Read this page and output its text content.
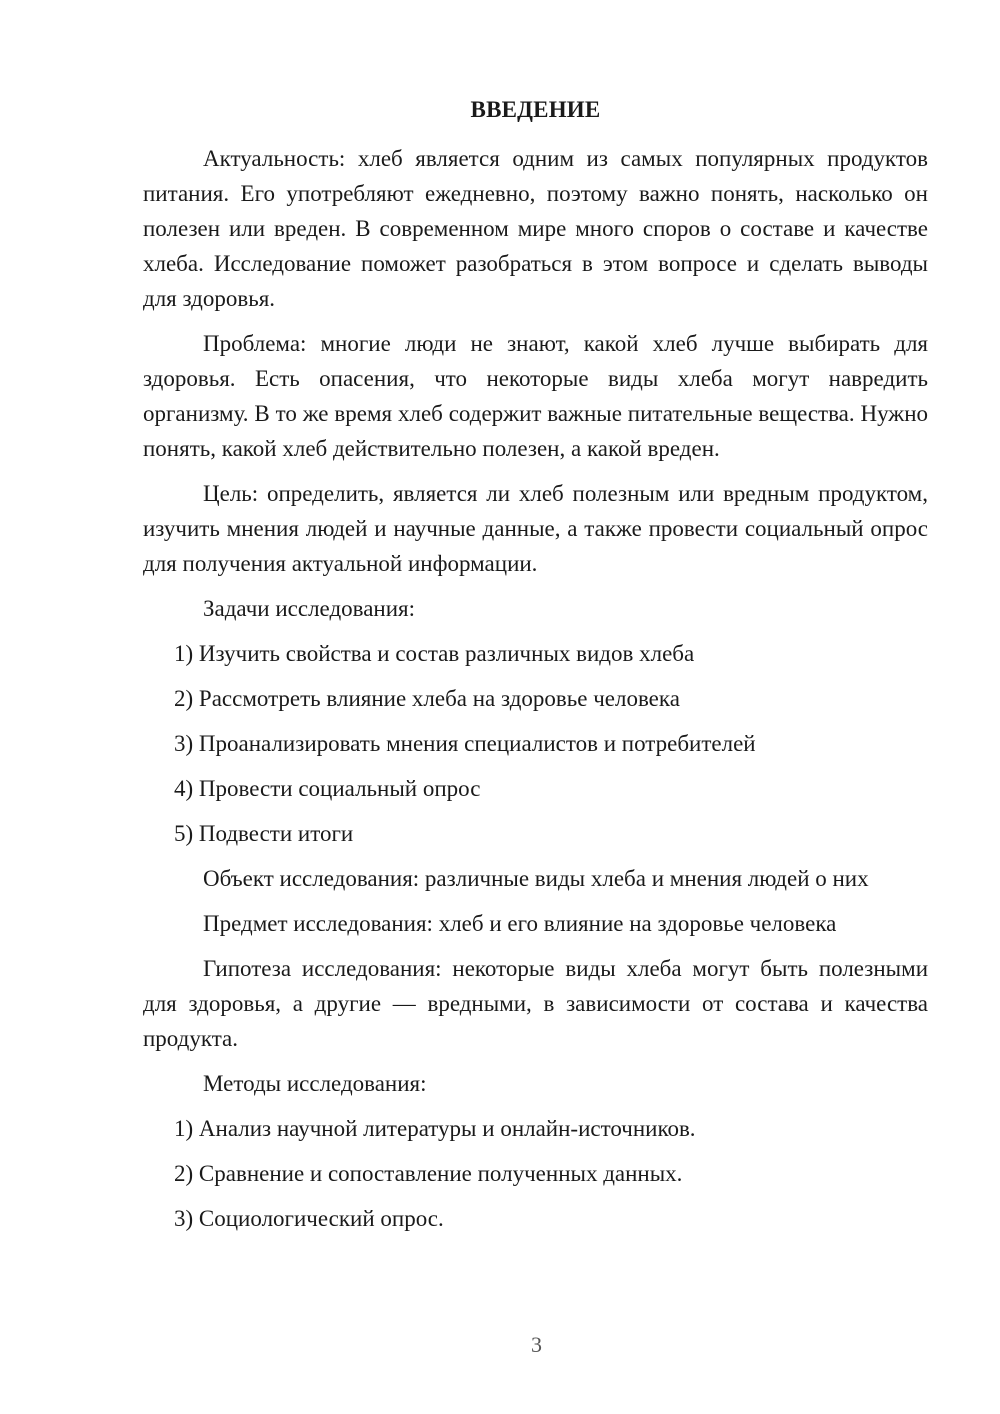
ВВЕДЕНИЕ

Актуальность: хлеб является одним из самых популярных продуктов питания. Его употребляют ежедневно, поэтому важно понять, насколько он полезен или вреден. В современном мире много споров о составе и качестве хлеба. Исследование поможет разобраться в этом вопросе и сделать выводы для здоровья.

Проблема: многие люди не знают, какой хлеб лучше выбирать для здоровья. Есть опасения, что некоторые виды хлеба могут навредить организму. В то же время хлеб содержит важные питательные вещества. Нужно понять, какой хлеб действительно полезен, а какой вреден.

Цель: определить, является ли хлеб полезным или вредным продуктом, изучить мнения людей и научные данные, а также провести социальный опрос для получения актуальной информации.

Задачи исследования:

1) Изучить свойства и состав различных видов хлеба

2) Рассмотреть влияние хлеба на здоровье человека

3) Проанализировать мнения специалистов и потребителей

4) Провести социальный опрос

5) Подвести итоги

Объект исследования: различные виды хлеба и мнения людей о них

Предмет исследования: хлеб и его влияние на здоровье человека

Гипотеза исследования: некоторые виды хлеба могут быть полезными для здоровья, а другие — вредными, в зависимости от состава и качества продукта.

Методы исследования:

1) Анализ научной литературы и онлайн-источников.

2) Сравнение и сопоставление полученных данных.

3) Социологический опрос.

3
